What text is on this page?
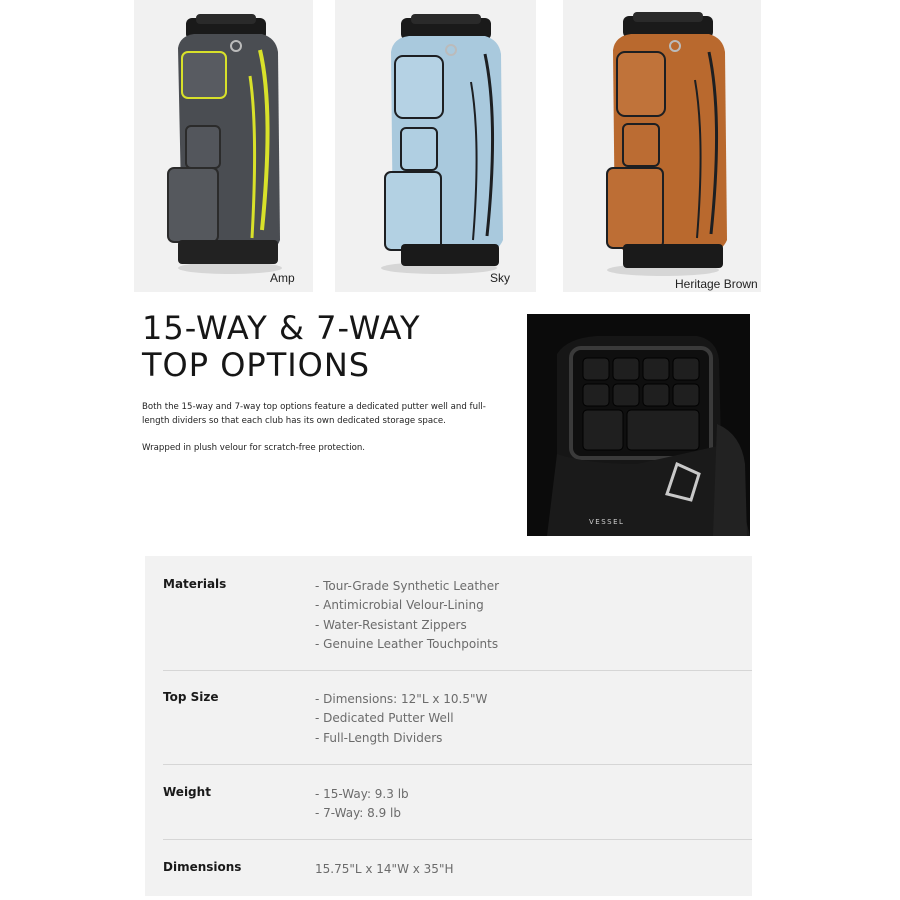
Amp	Sky	Heritage Brown
15-WAY & 7-WAY
TOP OPTIONS
Both the 15-way and 7-way top options feature a dedicated putter well and full-
length dividers so that each club has its own dedicated storage space.
Wrapped in plush velour for scratch-free protection.
VESSEL
Materials	- Tour-Grade Synthetic Leather
- Antimicrobial Velour-Lining
- Water-Resistant Zippers
- Genuine Leather Touchpoints
Top Size	- Dimensions: 12"L x 10.5"W
- Dedicated Putter Well
- Full-Length Dividers
Weight	- 15-Way: 9.3 lb
- 7-Way: 8.9 lb
Dimensions	15.75"L x 14"W x 35"H
